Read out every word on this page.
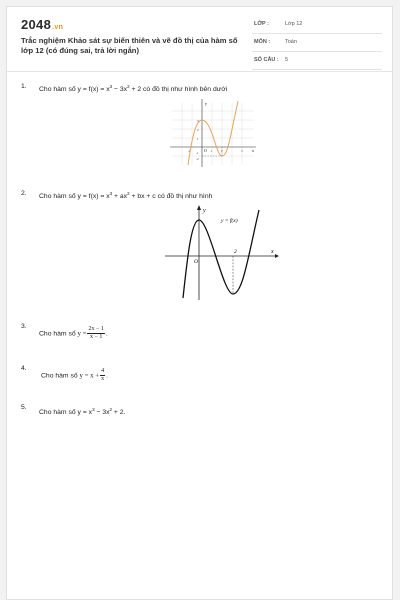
2048.vn
Trắc nghiệm Khảo sát sự biến thiên và vẽ đồ thị của hàm số lớp 12 (có đúng sai, trả lời ngắn)
LỚP :	Lớp 12
MÔN :	Toán
SỐ CÂU : 5
1. Cho hàm số $y = f(x) = x^3 - 3x^2 + 2$ có đồ thị như hình bên dưới
y
x
O
3
2
1
-1
-2
-1	1	2	3
2. Cho hàm số $y = f(x) = x^3 + ax^2$ + bx + c có đồ thị như hình
y
x
O
y = f(x)
2
3.
Cho hàm số $y = \frac{2x - 1}{x - 1}$ .
4.
Cho hàm số $y = x + \frac{4}{x}$ .
5.
Cho hàm số $y = x^3 - 3x^2 + 2$.
